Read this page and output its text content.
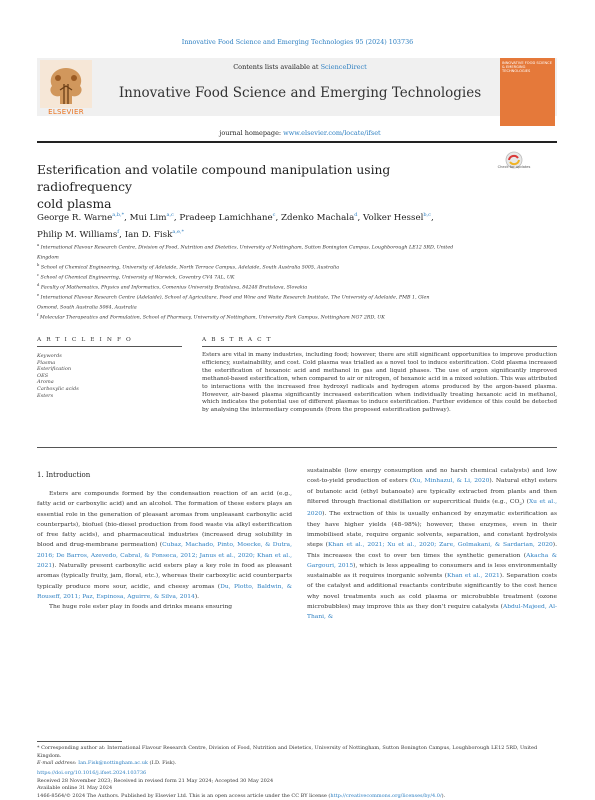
Innovative Food Science and Emerging Technologies 95 (2024) 103736
ELSEVIER
Contents lists available at ScienceDirect
Innovative Food Science and Emerging Technologies
journal homepage: www.elsevier.com/locate/ifset
INNOVATIVE FOOD SCIENCE & EMERGING TECHNOLOGIES
Esterification and volatile compound manipulation using radiofrequency
cold plasma
Check for updates
George R. Warne$^{a,b,*}$, Mui Lim$^{a,c}$, Pradeep Lamichhane$^c$, Zdenko Machala$^d$, Volker Hessel$^{b,c}$,
Philip M. Williams$^f$, Ian D. Fisk$^{a,e,*}$
$^a$ International Flavour Research Centre, Division of Food, Nutrition and Dietetics, University of Nottingham, Sutton Bonington Campus, Loughborough LE12 5RD, United
Kingdom
$^b$ School of Chemical Engineering, University of Adelaide, North Terrace Campus, Adelaide, South Australia 5005, Australia
$^c$ School of Chemical Engineering, University of Warwick, Coventry CV4 7AL, UK
$^d$ Faculty of Mathematics, Physics and Informatics, Comenius University Bratislava, 84248 Bratislava, Slovakia
$^e$ International Flavour Research Centre (Adelaide), School of Agriculture, Food and Wine and Waite Research Institute, The University of Adelaide, PMB 1, Glen
Osmond, South Australia 5064, Australia
$^f$ Molecular Therapeutics and Formulation, School of Pharmacy, University of Nottingham, University Park Campus, Nottingham NG7 2RD, UK
A R T I C L E I N F O	A B S T R A C T
Keywords
Plasma
Esterification
OES
Aroma
Carboxylic acids
Esters
Esters are vital in many industries, including food; however, there are still significant opportunities to improve production efficiency, sustainability, and cost. Cold plasma was trialled as a novel tool to induce esterification. Cold plasma increased the esterification of hexanoic acid and methanol in gas and liquid phases. The use of argon significantly improved methanol-based esterification, when compared to air or nitrogen, of hexanoic acid in a mixed solution. This was attributed to interactions with the increased free hydroxyl radicals and hydrogen atoms produced by the argon-based plasma. However, air-based plasma significantly increased esterification when individually treating hexanoic acid in methanol, which indicates the potential use of different plasmas to induce esterification. Further evidence of this could be detected by analysing the intermediary compounds (from the proposed esterification pathway).
1. Introduction

Esters are compounds formed by the condensation reaction of an acid (e.g., fatty acid or carboxylic acid) and an alcohol. The formation of these esters plays an essential role in the generation of pleasant aromas from unpleasant carboxylic acid counterparts), biofuel (bio-diesel production from food waste via alkyl esterification of free fatty acids), and pharmaceutical industries (increased drug solubility in blood and drug-membrane permeation) (Cubaz, Machado, Pinto, Moecke, & Dutra, 2016; De Barros, Azevedo, Cabral, & Fonseca, 2012; Janus et al., 2020; Khan et al., 2021). Naturally present carboxylic acid esters play a key role in food as pleasant aromas (typically fruity, jam, floral, etc.), whereas their carboxylic acid counterparts typically produce more sour, acidic, and cheesy aromas (Du, Plotto, Baldwin, & Rouseff, 2011; Paz, Espinosa, Aguirre, & Silva, 2014).

The huge role ester play in foods and drinks means ensuring

sustainable (low energy consumption and no harsh chemical catalysts) and low cost-to-yield production of esters (Xu, Minhazul, & Li, 2020). Natural ethyl esters of butanoic acid (ethyl butanoate) are typically extracted from plants and then filtered through fractional distillation or supercritical fluids (e.g., $CO_2$) (Xu et al., 2020). The extraction of this is usually enhanced by enzymatic esterification as they have higher yields (48–98%); however, these enzymes, even in their immobilised state, require organic solvents, separation, and constant hydrolysis steps (Khan et al., 2021; Xu et al., 2020; Zare, Golmakani, & Sardarian, 2020). This increases the cost to over ten times the synthetic generation (Akacha & Gargouri, 2015), which is less appealing to consumers and is less environmentally sustainable as it requires inorganic solvents (Khan et al., 2021). Separation costs of the catalyst and additional reactants contribute significantly to the cost hence why novel treatments such as cold plasma or microbubble treatment (ozone microbubbles) may improve this as they don't require catalysts (Abdul-Majeed, Al-Thani, &

* Corresponding author at: International Flavour Research Centre, Division of Food, Nutrition and Dietetics, University of Nottingham, Sutton Bonington Campus, Loughborough LE12 5RD, United Kingdom.
E-mail address: Ian.Fisk@nottingham.ac.uk (I.D. Fisk).
https://doi.org/10.1016/j.ifset.2024.103736
Received 28 November 2023; Received in revised form 21 May 2024; Accepted 30 May 2024
Available online 31 May 2024
1466-8564/© 2024 The Authors. Published by Elsevier Ltd. This is an open access article under the CC BY license (http://creativecommons.org/licenses/by/4.0/).
